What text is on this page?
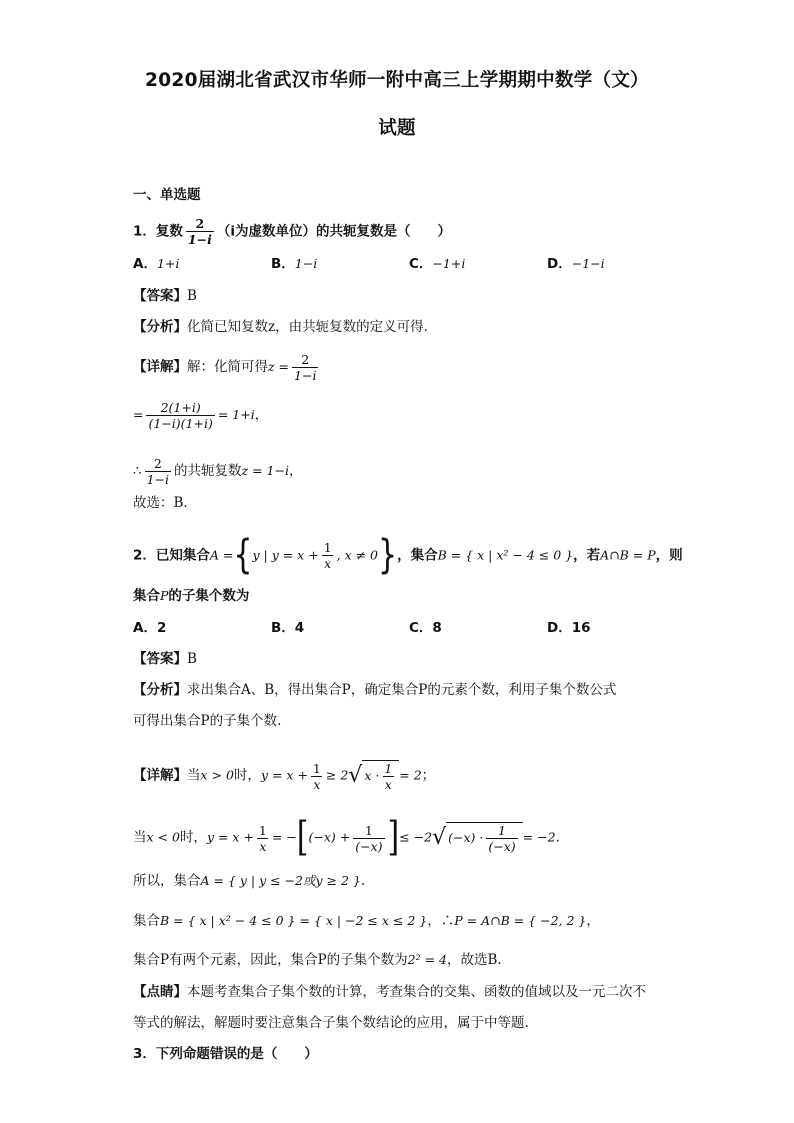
2020届湖北省武汉市华师一附中高三上学期期中数学（文）
试题
一、单选题
1．复数 $\frac{2}{1-i} (i$为虚数单位）的共轭复数是（　　）
A．1+i	B．1−i	C．−1+i	D．−1−i
【答案】B
【分析】化简已知复数z，由共轭复数的定义可得．
【详解】解：化简可得$z = \frac{2}{1-i}$
= $\frac{2(1+i)}{(1-i)(1+i)} = 1+i$，
∴ $\frac{2}{1-i}$ 的共轭复数z = 1−i，
故选：B．
2．已知集合A ={y | $y = x + \frac{1}{x}$ , x ≠ 0}，集合B = { x | x² − 4 ≤ 0 }，若A∩B = P，则
集合P的子集个数为
A．2	B．4	C．8	D．16
【答案】B
【分析】求出集合A、B，得出集合P，确定集合P的元素个数，利用子集个数公式
可得出集合P的子集个数.
【详解】当x > 0时，$y = x + \frac{1}{x} \ge 2√$ $x \cdot \frac{1}{x} = 2$；
当x < 0时，$y = x + \frac{1}{x} = -[(-x) + \frac{1}{(-x)}$ ]≤ −2√ $(-x) \cdot \frac{1}{(-x)} = -2$.
所以，集合A = { y | y ≤ −2或y ≥ 2 }.
集合B = { x | x² − 4 ≤ 0 } = { x | −2 ≤ x ≤ 2 }，∴P = A∩B = { −2, 2 }，
集合P有两个元素，因此，集合P的子集个数为2² = 4，故选B.
【点睛】本题考查集合子集个数的计算，考查集合的交集、函数的值域以及一元二次不
等式的解法，解题时要注意集合子集个数结论的应用，属于中等题.
3．下列命题错误的是（　　）
